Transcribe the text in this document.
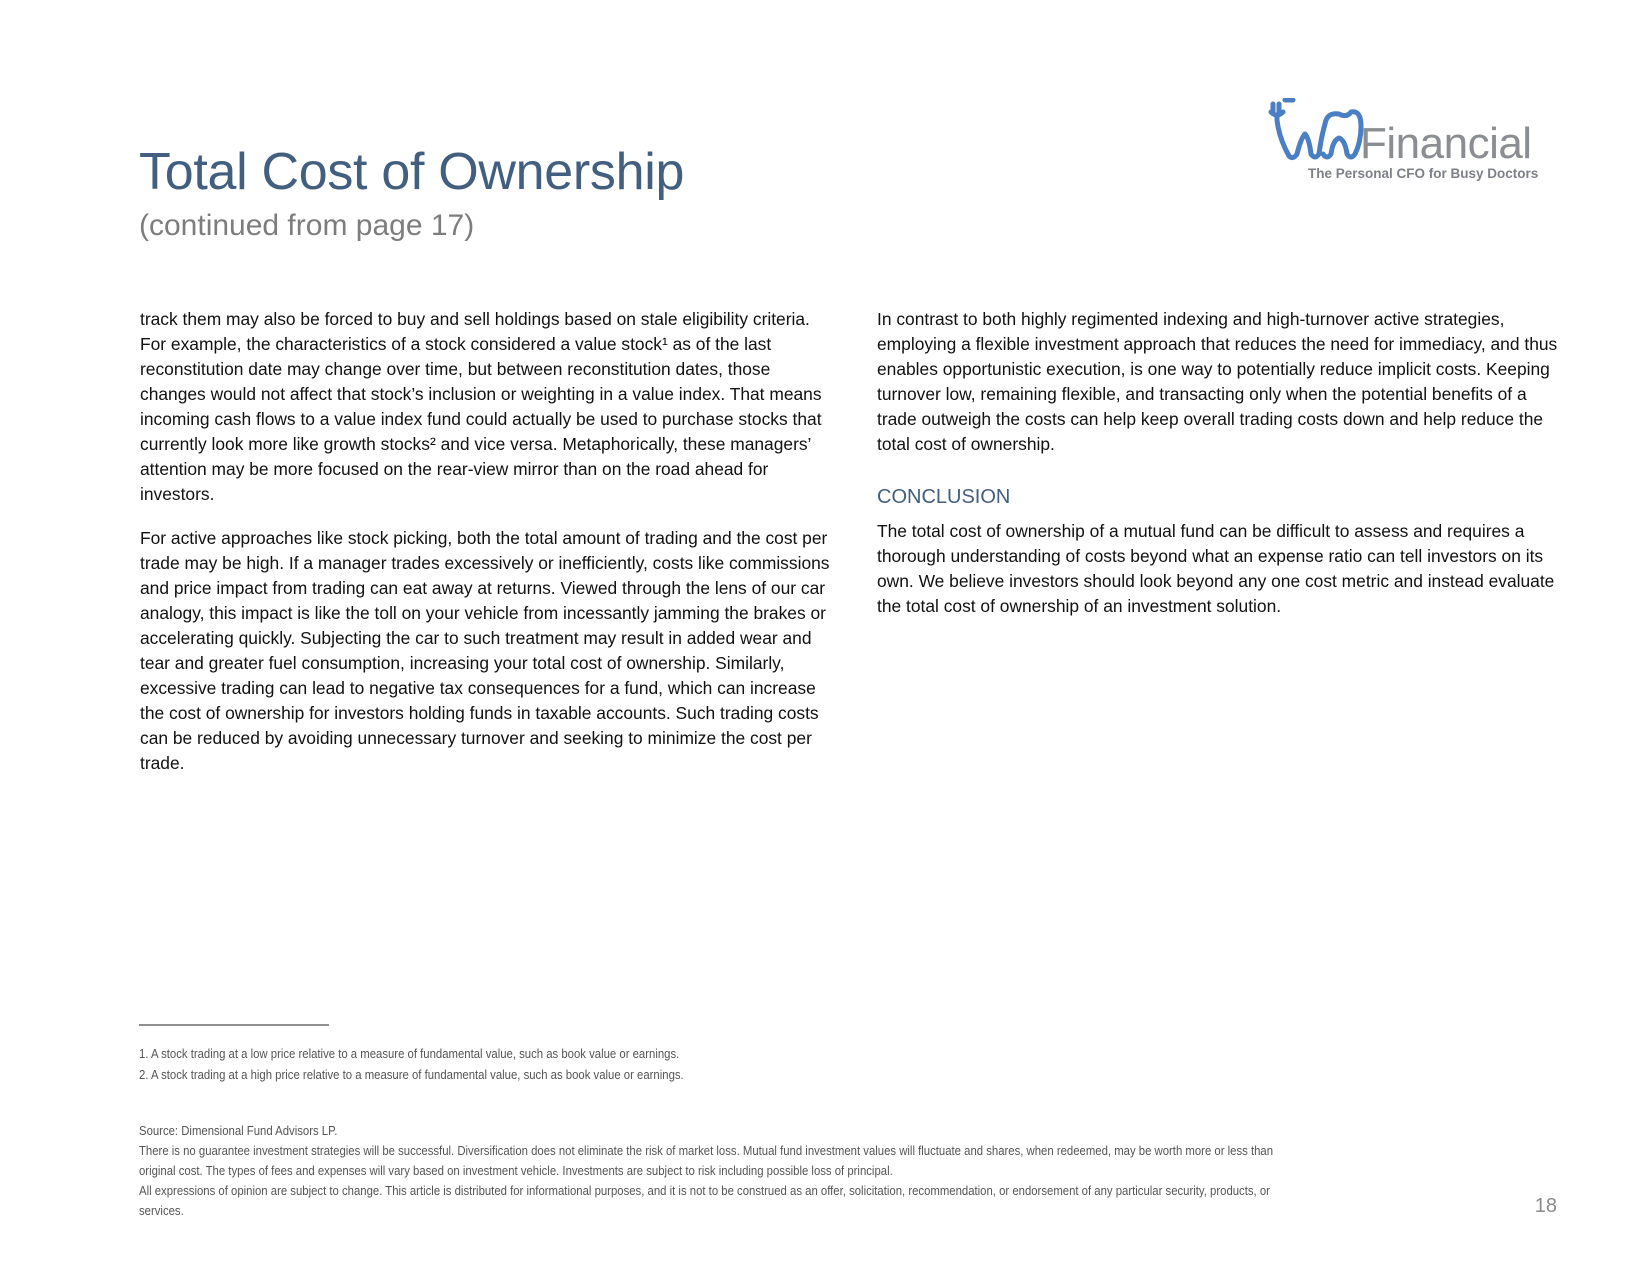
Total Cost of Ownership
(continued from page 17)
Financial
The Personal CFO for Busy Doctors

track them may also be forced to buy and sell holdings based on stale eligibility criteria. For example, the characteristics of a stock considered a value stock¹ as of the last reconstitution date may change over time, but between reconstitution dates, those changes would not affect that stock’s inclusion or weighting in a value index. That means incoming cash flows to a value index fund could actually be used to purchase stocks that currently look more like growth stocks² and vice versa. Metaphorically, these managers’ attention may be more focused on the rear-view mirror than on the road ahead for investors.

For active approaches like stock picking, both the total amount of trading and the cost per trade may be high. If a manager trades excessively or inefficiently, costs like commissions and price impact from trading can eat away at returns. Viewed through the lens of our car analogy, this impact is like the toll on your vehicle from incessantly jamming the brakes or accelerating quickly. Subjecting the car to such treatment may result in added wear and tear and greater fuel consumption, increasing your total cost of ownership. Similarly, excessive trading can lead to negative tax consequences for a fund, which can increase the cost of ownership for investors holding funds in taxable accounts. Such trading costs can be reduced by avoiding unnecessary turnover and seeking to minimize the cost per trade.

In contrast to both highly regimented indexing and high-turnover active strategies, employing a flexible investment approach that reduces the need for immediacy, and thus enables opportunistic execution, is one way to potentially reduce implicit costs. Keeping turnover low, remaining flexible, and transacting only when the potential benefits of a trade outweigh the costs can help keep overall trading costs down and help reduce the total cost of ownership.

CONCLUSION

The total cost of ownership of a mutual fund can be difficult to assess and requires a thorough understanding of costs beyond what an expense ratio can tell investors on its own. We believe investors should look beyond any one cost metric and instead evaluate the total cost of ownership of an investment solution.

1. A stock trading at a low price relative to a measure of fundamental value, such as book value or earnings.
2. A stock trading at a high price relative to a measure of fundamental value, such as book value or earnings.
Source: Dimensional Fund Advisors LP.
There is no guarantee investment strategies will be successful. Diversification does not eliminate the risk of market loss. Mutual fund investment values will fluctuate and shares, when redeemed, may be worth more or less than
original cost. The types of fees and expenses will vary based on investment vehicle. Investments are subject to risk including possible loss of principal.
All expressions of opinion are subject to change. This article is distributed for informational purposes, and it is not to be construed as an offer, solicitation, recommendation, or endorsement of any particular security, products, or
services.	18
